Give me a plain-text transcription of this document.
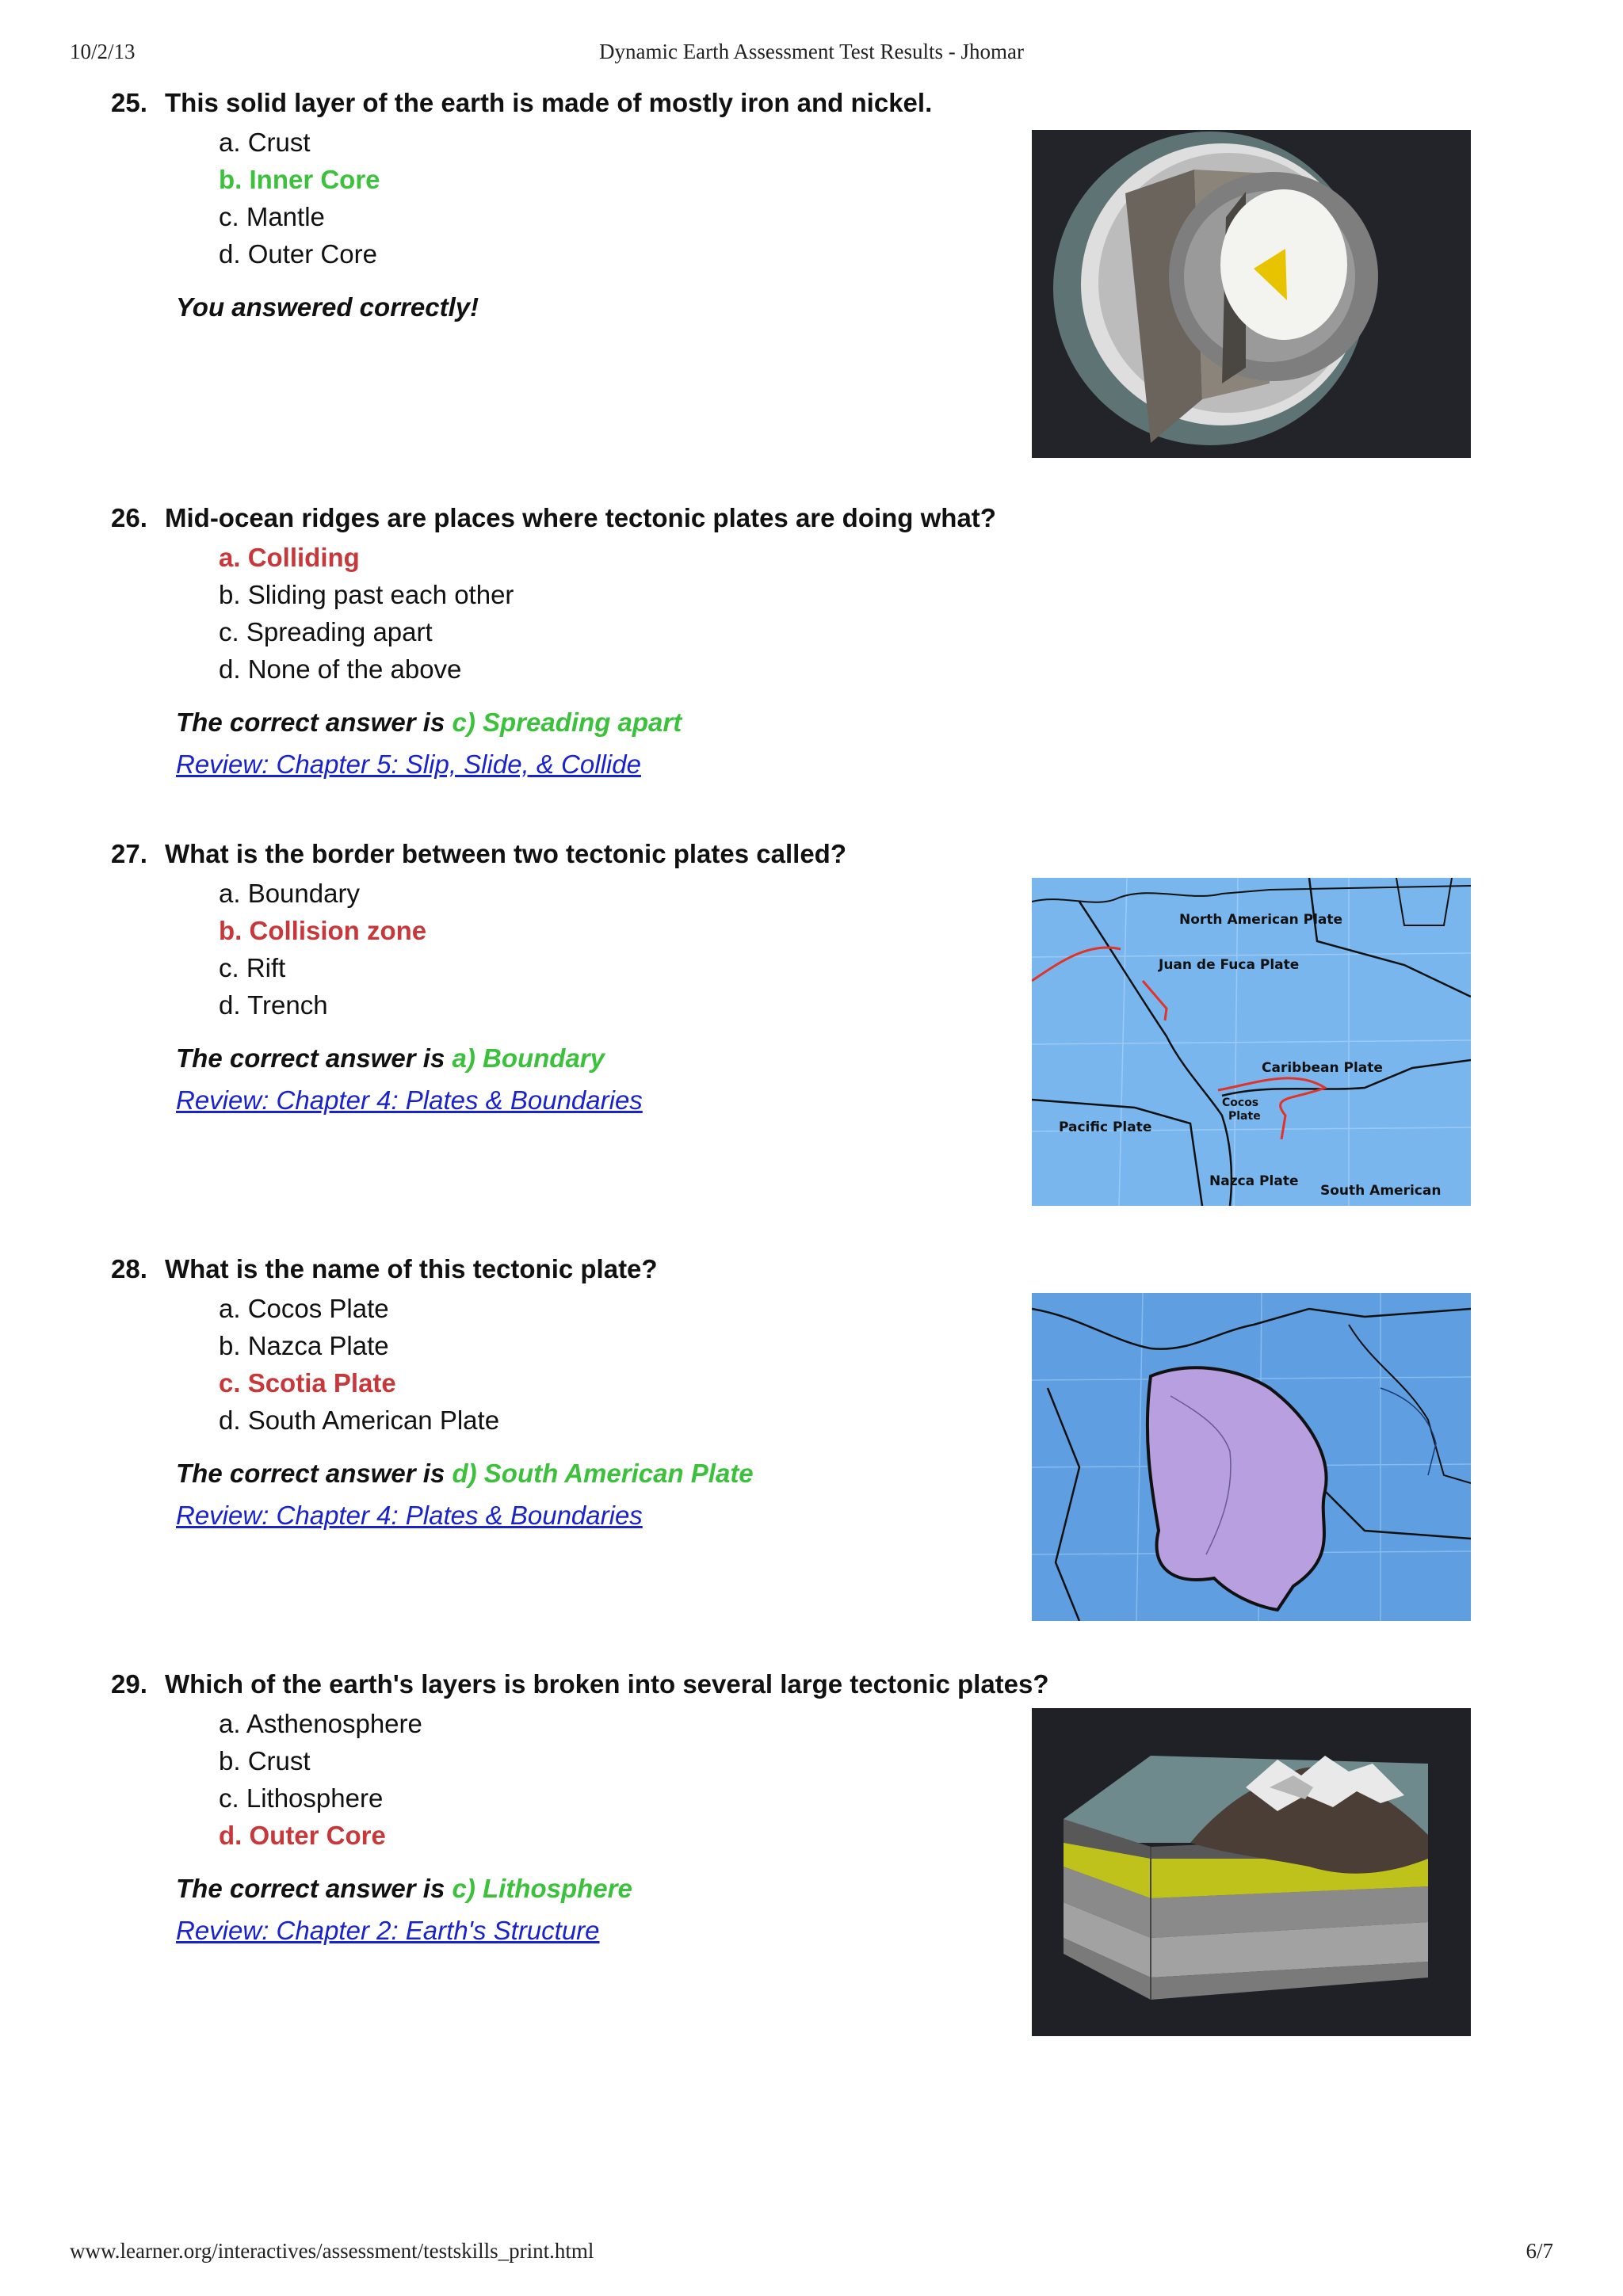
10/2/13	Dynamic Earth Assessment Test Results - Jhomar
25. This solid layer of the earth is made of mostly iron and nickel.
a. Crust
b. Inner Core
c. Mantle
d. Outer Core
You answered correctly!
26. Mid-ocean ridges are places where tectonic plates are doing what?
a. Colliding
b. Sliding past each other
c. Spreading apart
d. None of the above
The correct answer is c) Spreading apart
Review: Chapter 5: Slip, Slide, & Collide
27. What is the border between two tectonic plates called?
a. Boundary
b. Collision zone
c. Rift
d. Trench
The correct answer is a) Boundary
Review: Chapter 4: Plates & Boundaries
North American Plate
Juan de Fuca Plate
Caribbean Plate
Cocos
Plate
Pacific Plate
Nazca Plate
South American
28. What is the name of this tectonic plate?
a. Cocos Plate
b. Nazca Plate
c. Scotia Plate
d. South American Plate
The correct answer is d) South American Plate
Review: Chapter 4: Plates & Boundaries
29. Which of the earth's layers is broken into several large tectonic plates?
a. Asthenosphere
b. Crust
c. Lithosphere
d. Outer Core
The correct answer is c) Lithosphere
Review: Chapter 2: Earth's Structure
www.learner.org/interactives/assessment/testskills_print.html	6/7
